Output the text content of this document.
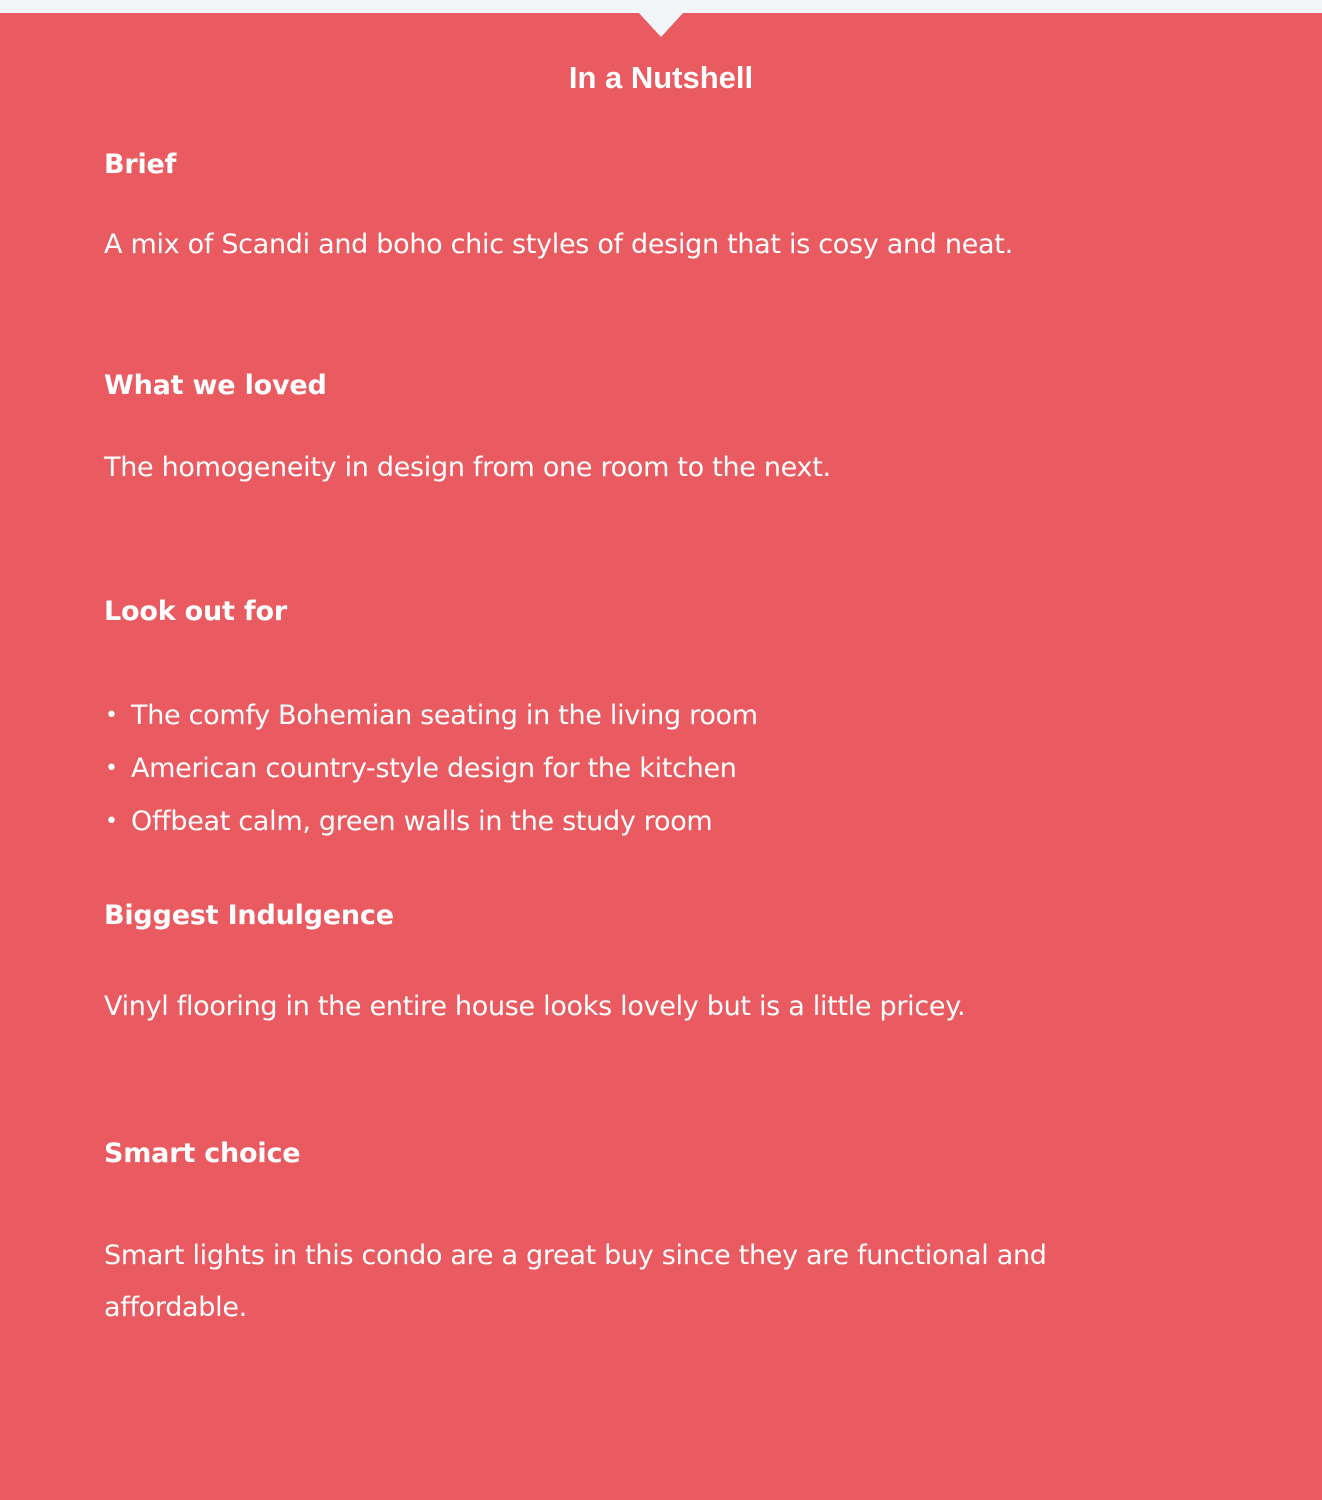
In a Nutshell
Brief

A mix of Scandi and boho chic styles of design that is cosy and neat.

What we loved

The homogeneity in design from one room to the next.

Look out for
• The comfy Bohemian seating in the living room
• American country-style design for the kitchen
• Offbeat calm, green walls in the study room
Biggest Indulgence

Vinyl flooring in the entire house looks lovely but is a little pricey.

Smart choice

Smart lights in this condo are a great buy since they are functional and affordable.
